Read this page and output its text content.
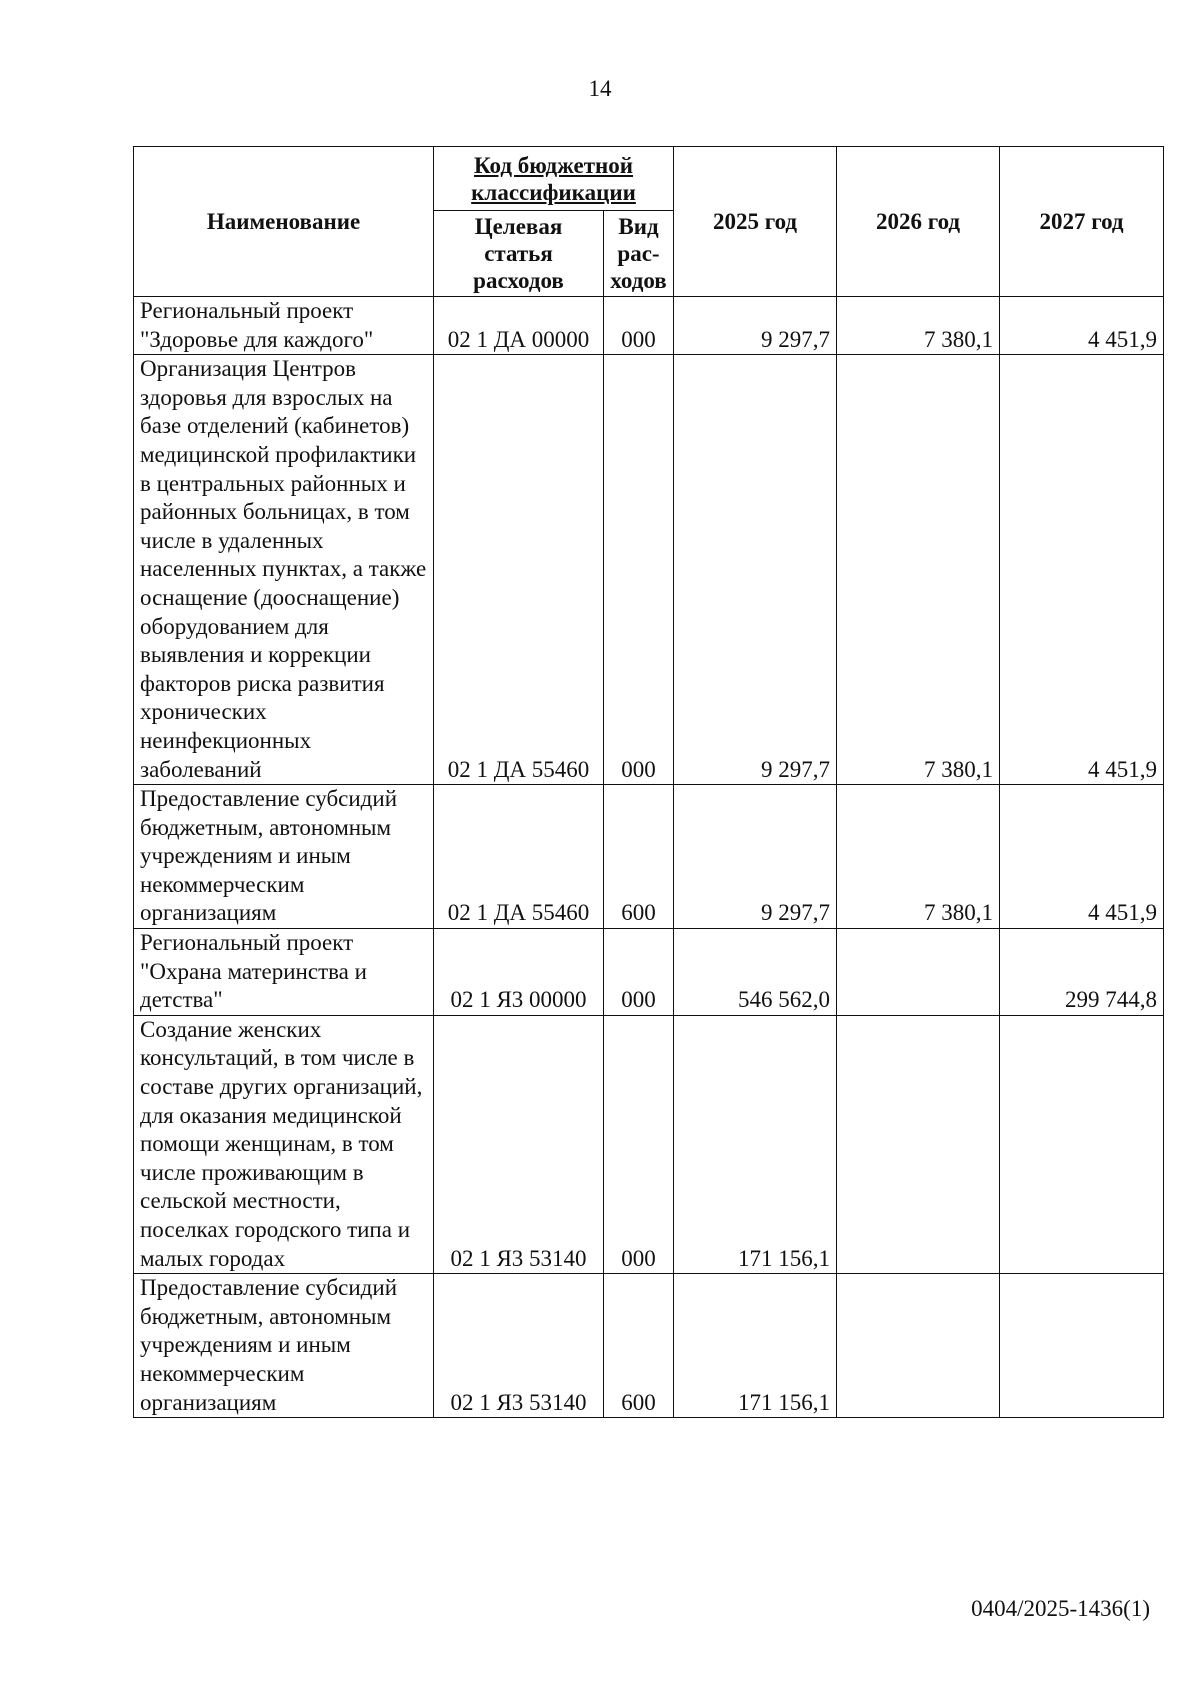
14
Наименование	Код бюджетной классификации		2025 год	2026 год	2027 год
	Целевая статья расходов	Вид рас-ходов			
Региональный проект "Здоровье для каждого"	02 1 ДА 00000	000	9 297,7	7 380,1	4 451,9
Организация Центров здоровья для взрослых на базе отделений (кабинетов) медицинской профилактики в центральных районных и районных больницах, в том числе в удаленных населенных пунктах, а также оснащение (дооснащение) оборудованием для выявления и коррекции факторов риска развития хронических неинфекционных заболеваний	02 1 ДА 55460	000	9 297,7	7 380,1	4 451,9
Предоставление субсидий бюджетным, автономным учреждениям и иным некоммерческим организациям	02 1 ДА 55460	600	9 297,7	7 380,1	4 451,9
Региональный проект "Охрана материнства и детства"	02 1 Я3 00000	000	546 562,0		299 744,8
Создание женских консультаций, в том числе в составе других организаций, для оказания медицинской помощи женщинам, в том числе проживающим в сельской местности, поселках городского типа и малых городах	02 1 Я3 53140	000	171 156,1		
Предоставление субсидий бюджетным, автономным учреждениям и иным некоммерческим организациям	02 1 Я3 53140	600	171 156,1		
0404/2025-1436(1)
